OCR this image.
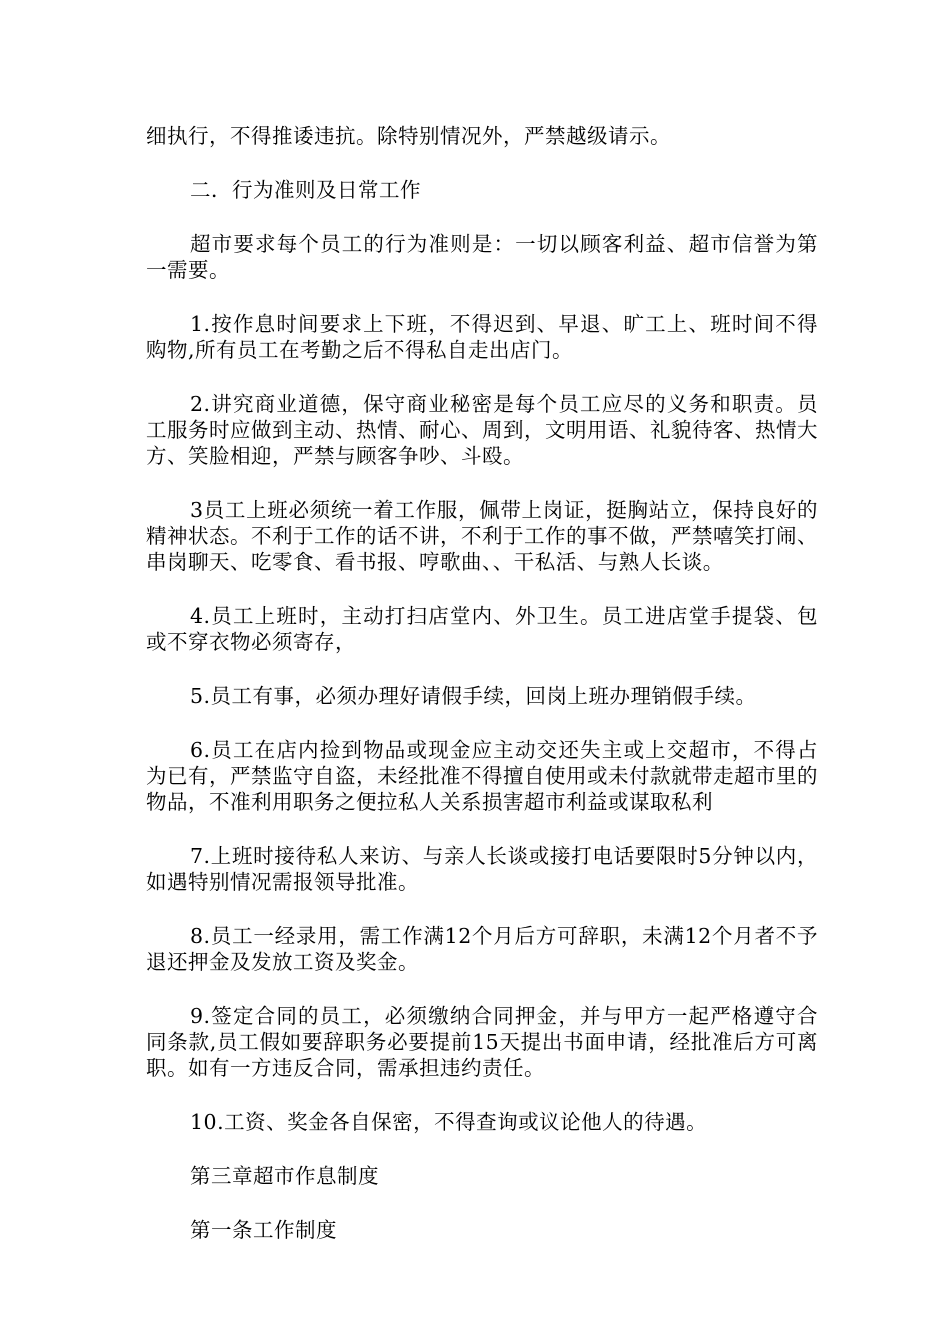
细执行，不得推诿违抗。除特别情况外，严禁越级请示。

二．行为准则及日常工作

超市要求每个员工的行为准则是：一切以顾客利益、超市信誉为第一需要。

1.按作息时间要求上下班，不得迟到、早退、旷工上、班时间不得购物,所有员工在考勤之后不得私自走出店门。

2.讲究商业道德，保守商业秘密是每个员工应尽的义务和职责。员工服务时应做到主动、热情、耐心、周到，文明用语、礼貌待客、热情大方、笑脸相迎，严禁与顾客争吵、斗殴。

3员工上班必须统一着工作服，佩带上岗证，挺胸站立，保持良好的精神状态。不利于工作的话不讲，不利于工作的事不做，严禁嘻笑打闹、串岗聊天、吃零食、看书报、哼歌曲、、干私活、与熟人长谈。

4.员工上班时，主动打扫店堂内、外卫生。员工进店堂手提袋、包或不穿衣物必须寄存，

5.员工有事，必须办理好请假手续，回岗上班办理销假手续。

6.员工在店内捡到物品或现金应主动交还失主或上交超市，不得占为已有，严禁监守自盗，未经批准不得擅自使用或未付款就带走超市里的物品，不准利用职务之便拉私人关系损害超市利益或谋取私利

7.上班时接待私人来访、与亲人长谈或接打电话要限时5分钟以内，如遇特别情况需报领导批准。

8.员工一经录用，需工作满12个月后方可辞职，未满12个月者不予退还押金及发放工资及奖金。

9.签定合同的员工，必须缴纳合同押金，并与甲方一起严格遵守合同条款,员工假如要辞职务必要提前15天提出书面申请，经批准后方可离职。如有一方违反合同，需承担违约责任。

10.工资、奖金各自保密，不得查询或议论他人的待遇。

第三章超市作息制度

第一条工作制度
